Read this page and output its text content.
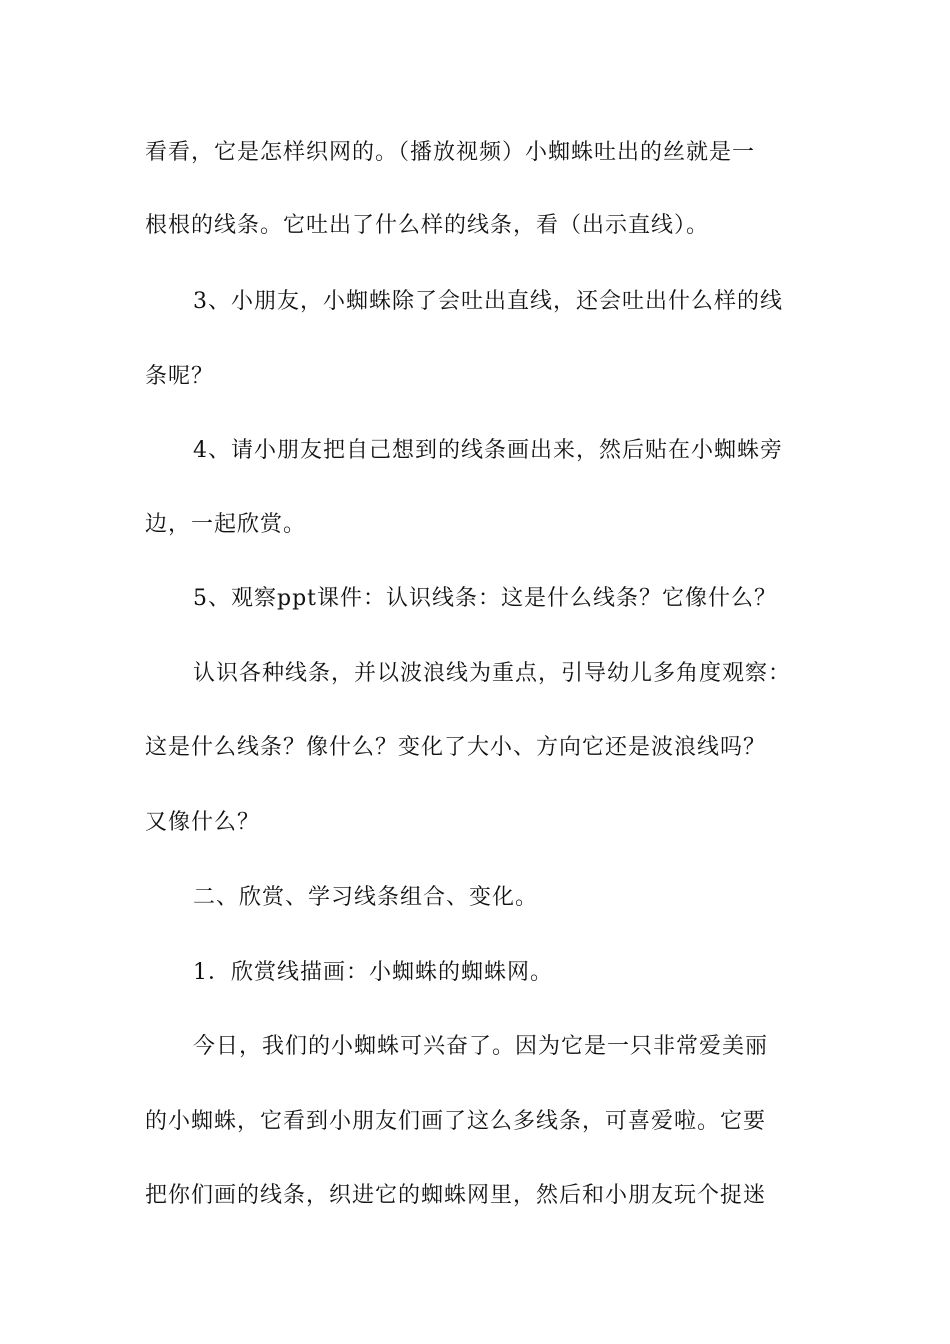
看看，它是怎样织网的。（播放视频）小蜘蛛吐出的丝就是一
根根的线条。它吐出了什么样的线条，看（出示直线）。
3、小朋友，小蜘蛛除了会吐出直线，还会吐出什么样的线
条呢？
4、请小朋友把自己想到的线条画出来，然后贴在小蜘蛛旁
边，一起欣赏。
5、观察ppt课件：认识线条：这是什么线条？它像什么？
认识各种线条，并以波浪线为重点，引导幼儿多角度观察：
这是什么线条？像什么？变化了大小、方向它还是波浪线吗？
又像什么？
二、欣赏、学习线条组合、变化。
1．欣赏线描画：小蜘蛛的蜘蛛网。
今日，我们的小蜘蛛可兴奋了。因为它是一只非常爱美丽
的小蜘蛛，它看到小朋友们画了这么多线条，可喜爱啦。它要
把你们画的线条，织进它的蜘蛛网里，然后和小朋友玩个捉迷
